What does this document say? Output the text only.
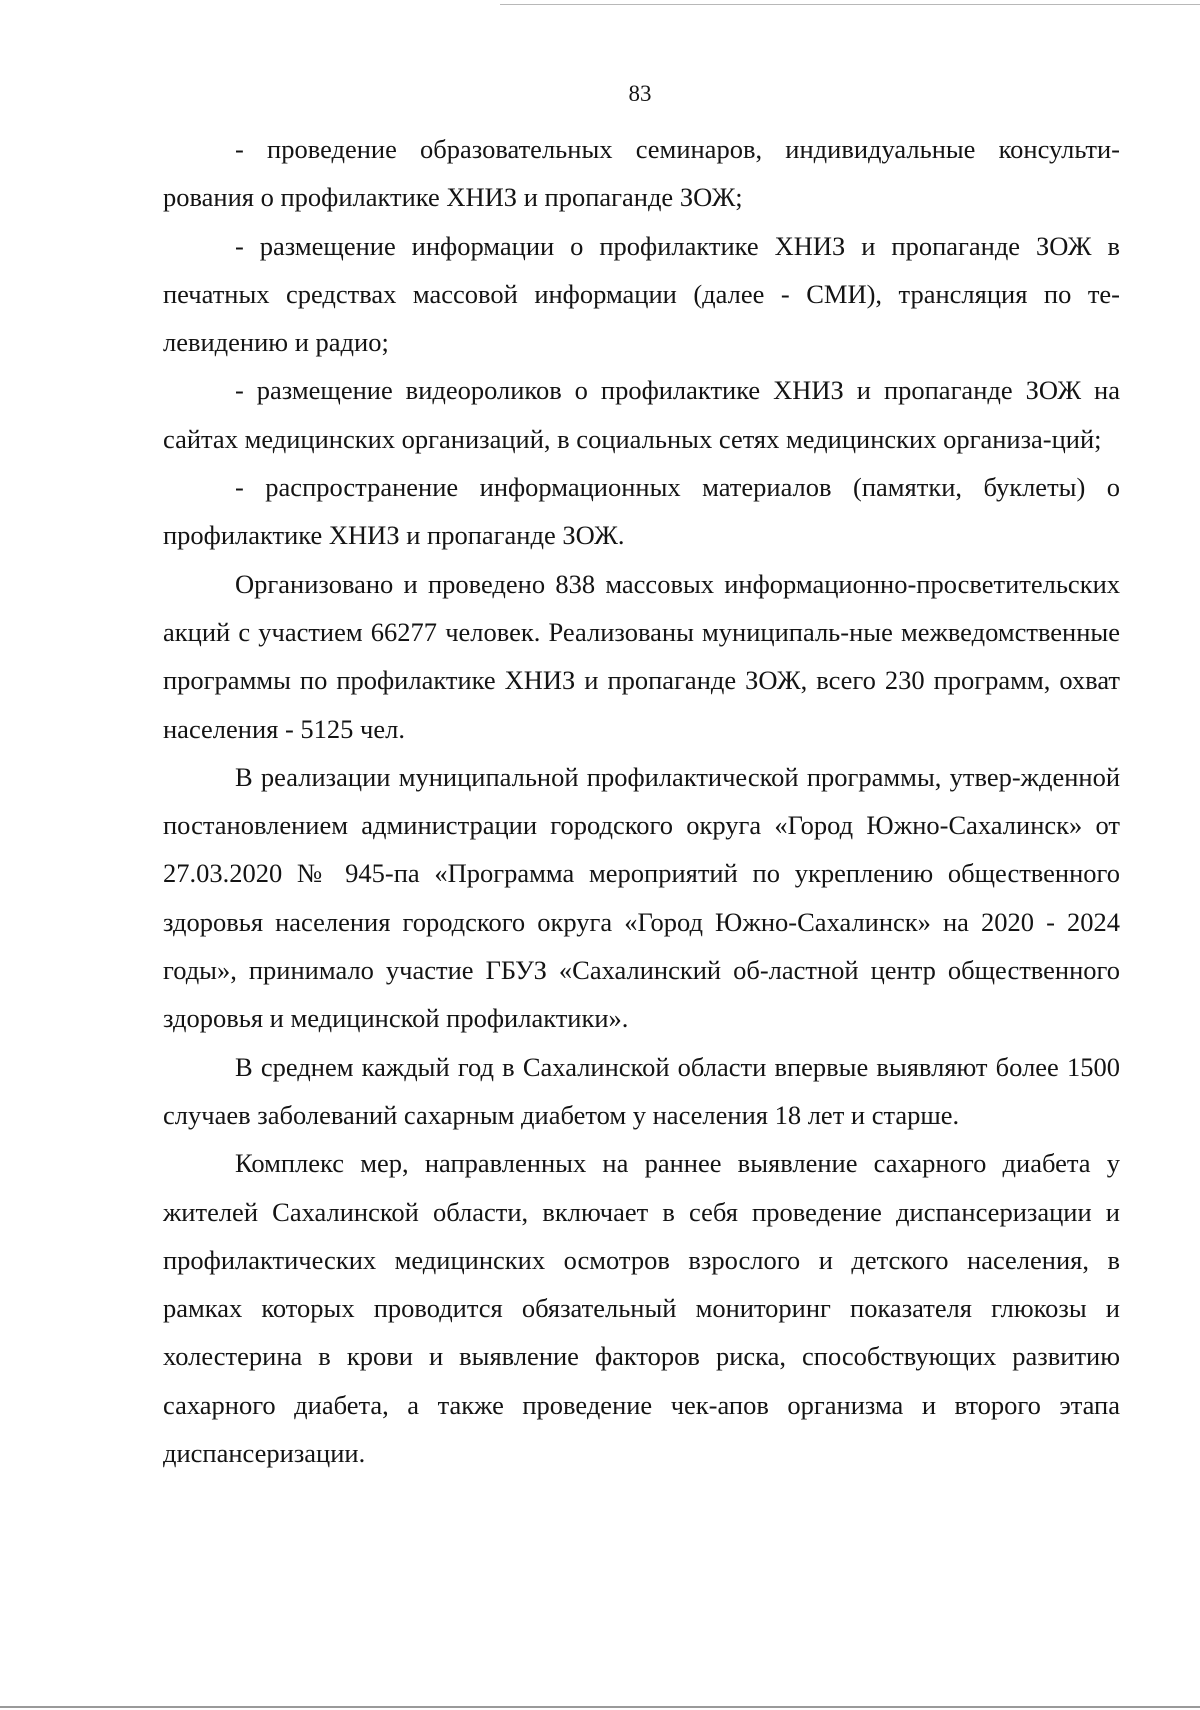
83

- проведение образовательных семинаров, индивидуальные консульти-рования о профилактике ХНИЗ и пропаганде ЗОЖ;

- размещение информации о профилактике ХНИЗ и пропаганде ЗОЖ в печатных средствах массовой информации (далее - СМИ), трансляция по те-левидению и радио;

- размещение видеороликов о профилактике ХНИЗ и пропаганде ЗОЖ на сайтах медицинских организаций, в социальных сетях медицинских организа-ций;

- распространение информационных материалов (памятки, буклеты) о профилактике ХНИЗ и пропаганде ЗОЖ.

Организовано и проведено 838 массовых информационно-просветительских акций с участием 66277 человек. Реализованы муниципаль-ные межведомственные программы по профилактике ХНИЗ и пропаганде ЗОЖ, всего 230 программ, охват населения - 5125 чел.

В реализации муниципальной профилактической программы, утвер-жденной постановлением администрации городского округа «Город Южно-Сахалинск» от 27.03.2020 № 945-па «Программа мероприятий по укреплению общественного здоровья населения городского округа «Город Южно-Сахалинск» на 2020 - 2024 годы», принимало участие ГБУЗ «Сахалинский об-ластной центр общественного здоровья и медицинской профилактики».

В среднем каждый год в Сахалинской области впервые выявляют более 1500 случаев заболеваний сахарным диабетом у населения 18 лет и старше.

Комплекс мер, направленных на раннее выявление сахарного диабета у жителей Сахалинской области, включает в себя проведение диспансеризации и профилактических медицинских осмотров взрослого и детского населения, в рамках которых проводится обязательный мониторинг показателя глюкозы и холестерина в крови и выявление факторов риска, способствующих развитию сахарного диабета, а также проведение чек-апов организма и второго этапа диспансеризации.
